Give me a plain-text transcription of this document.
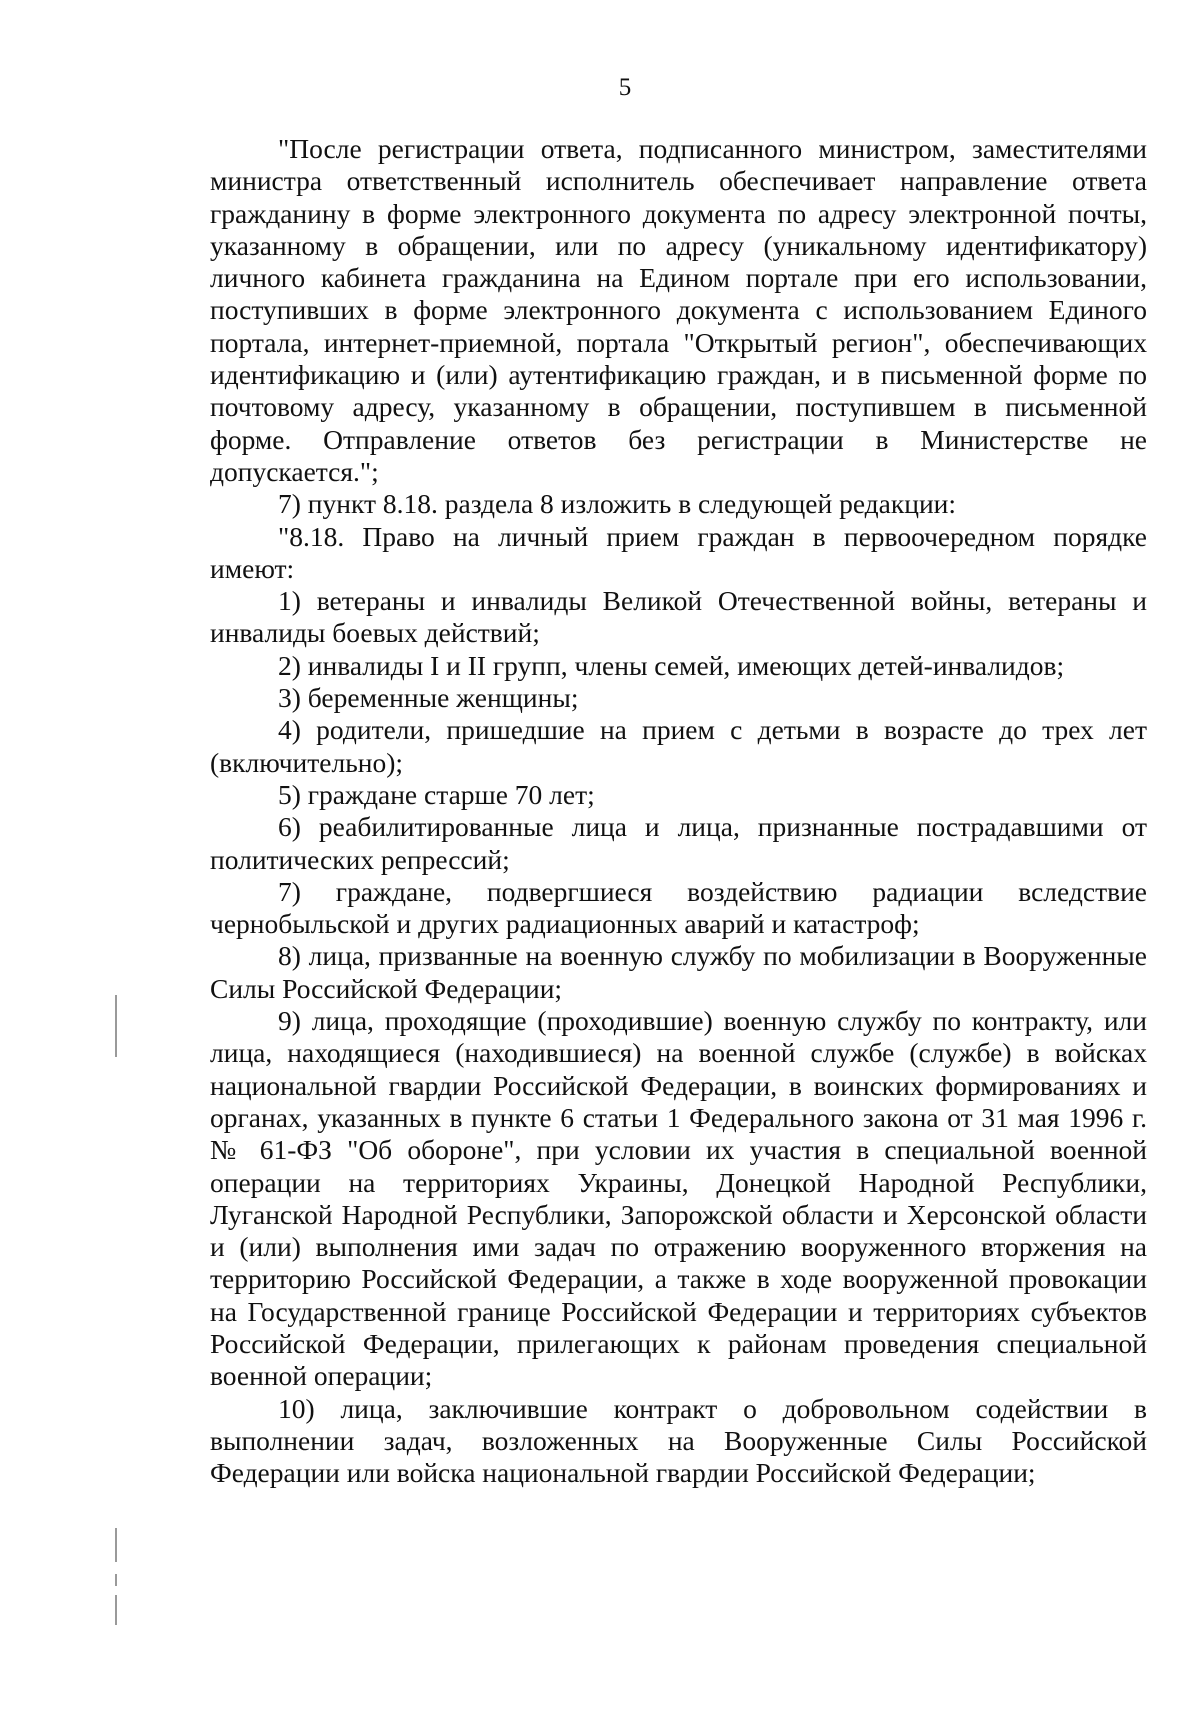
5

"После регистрации ответа, подписанного министром, заместителями министра ответственный исполнитель обеспечивает направление ответа гражданину в форме электронного документа по адресу электронной почты, указанному в обращении, или по адресу (уникальному идентификатору) личного кабинета гражданина на Едином портале при его использовании, поступивших в форме электронного документа с использованием Единого портала, интернет-приемной, портала "Открытый регион", обеспечивающих идентификацию и (или) аутентификацию граждан, и в письменной форме по почтовому адресу, указанному в обращении, поступившем в письменной форме. Отправление ответов без регистрации в Министерстве не допускается.";

7) пункт 8.18. раздела 8 изложить в следующей редакции:

"8.18. Право на личный прием граждан в первоочередном порядке имеют:

1) ветераны и инвалиды Великой Отечественной войны, ветераны и инвалиды боевых действий;

2) инвалиды I и II групп, члены семей, имеющих детей-инвалидов;

3) беременные женщины;

4) родители, пришедшие на прием с детьми в возрасте до трех лет (включительно);

5) граждане старше 70 лет;

6) реабилитированные лица и лица, признанные пострадавшими от политических репрессий;

7) граждане, подвергшиеся воздействию радиации вследствие чернобыльской и других радиационных аварий и катастроф;

8) лица, призванные на военную службу по мобилизации в Вооруженные Силы Российской Федерации;

9) лица, проходящие (проходившие) военную службу по контракту, или лица, находящиеся (находившиеся) на военной службе (службе) в войсках национальной гвардии Российской Федерации, в воинских формированиях и органах, указанных в пункте 6 статьи 1 Федерального закона от 31 мая 1996 г. № 61-ФЗ "Об обороне", при условии их участия в специальной военной операции на территориях Украины, Донецкой Народной Республики, Луганской Народной Республики, Запорожской области и Херсонской области и (или) выполнения ими задач по отражению вооруженного вторжения на территорию Российской Федерации, а также в ходе вооруженной провокации на Государственной границе Российской Федерации и территориях субъектов Российской Федерации, прилегающих к районам проведения специальной военной операции;

10) лица, заключившие контракт о добровольном содействии в выполнении задач, возложенных на Вооруженные Силы Российской Федерации или войска национальной гвардии Российской Федерации;
